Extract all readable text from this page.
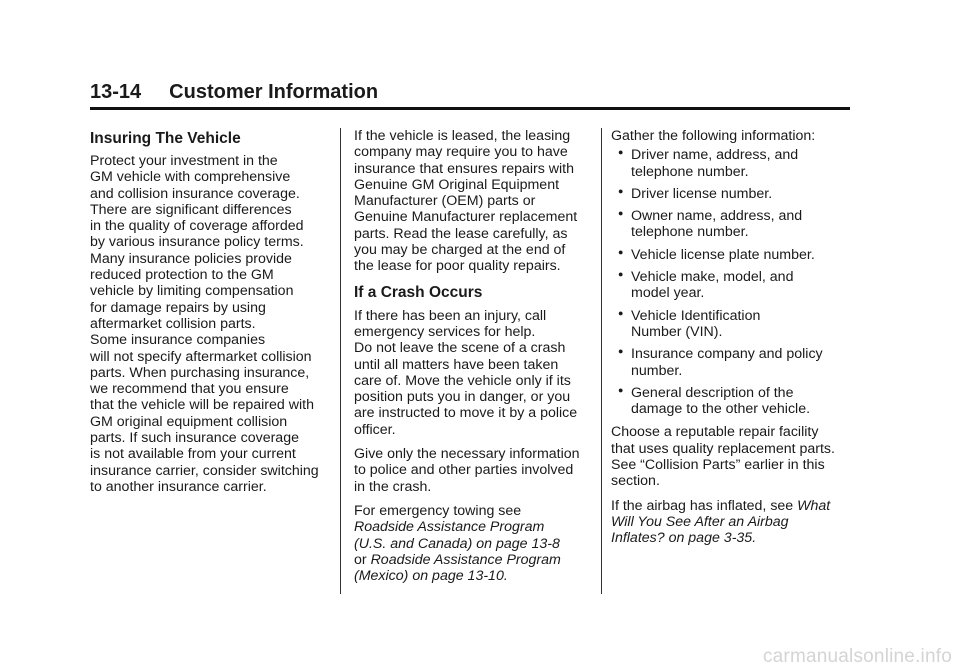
13-14 Customer Information
Insuring The Vehicle

Protect your investment in the
GM vehicle with comprehensive
and collision insurance coverage.
There are significant differences
in the quality of coverage afforded
by various insurance policy terms.
Many insurance policies provide
reduced protection to the GM
vehicle by limiting compensation
for damage repairs by using
aftermarket collision parts.
Some insurance companies
will not specify aftermarket collision
parts. When purchasing insurance,
we recommend that you ensure
that the vehicle will be repaired with
GM original equipment collision
parts. If such insurance coverage
is not available from your current
insurance carrier, consider switching
to another insurance carrier.

If the vehicle is leased, the leasing
company may require you to have
insurance that ensures repairs with
Genuine GM Original Equipment
Manufacturer (OEM) parts or
Genuine Manufacturer replacement
parts. Read the lease carefully, as
you may be charged at the end of
the lease for poor quality repairs.

If a Crash Occurs

If there has been an injury, call
emergency services for help.
Do not leave the scene of a crash
until all matters have been taken
care of. Move the vehicle only if its
position puts you in danger, or you
are instructed to move it by a police
officer.

Give only the necessary information
to police and other parties involved
in the crash.

For emergency towing see
Roadside Assistance Program
(U.S. and Canada) on page 13-8
or Roadside Assistance Program
(Mexico) on page 13-10.

Gather the following information:

● Driver name, address, and
telephone number.
● Driver license number.
● Owner name, address, and
telephone number.
● Vehicle license plate number.
● Vehicle make, model, and
model year.
● Vehicle Identification
Number (VIN).
● Insurance company and policy
number.
● General description of the
damage to the other vehicle.

Choose a reputable repair facility
that uses quality replacement parts.
See “Collision Parts” earlier in this
section.

If the airbag has inflated, see What
Will You See After an Airbag
Inflates? on page 3-35.

carmanualsonline.info
